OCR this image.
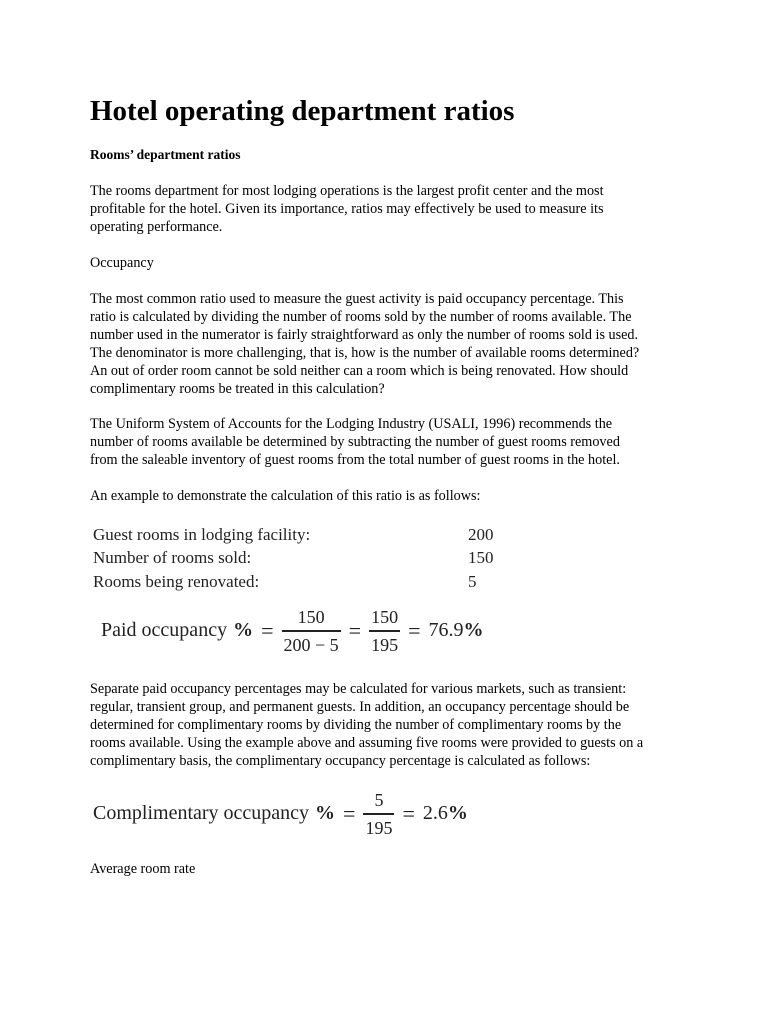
Hotel operating department ratios
Rooms’ department ratios
The rooms department for most lodging operations is the largest profit center and the most
profitable for the hotel. Given its importance, ratios may effectively be used to measure its
operating performance.
Occupancy
The most common ratio used to measure the guest activity is paid occupancy percentage. This
ratio is calculated by dividing the number of rooms sold by the number of rooms available. The
number used in the numerator is fairly straightforward as only the number of rooms sold is used.
The denominator is more challenging, that is, how is the number of available rooms determined?
An out of order room cannot be sold neither can a room which is being renovated. How should
complimentary rooms be treated in this calculation?
The Uniform System of Accounts for the Lodging Industry (USALI, 1996) recommends the
number of rooms available be determined by subtracting the number of guest rooms removed
from the saleable inventory of guest rooms from the total number of guest rooms in the hotel.
An example to demonstrate the calculation of this ratio is as follows:
Guest rooms in lodging facility:	200
Number of rooms sold:	150
Rooms being renovated:	5
Paid occupancy % = $\frac{150}{200 - 5} = \frac{150}{195} = 76.9\%$
Separate paid occupancy percentages may be calculated for various markets, such as transient:
regular, transient group, and permanent guests. In addition, an occupancy percentage should be
determined for complimentary rooms by dividing the number of complimentary rooms by the
rooms available. Using the example above and assuming five rooms were provided to guests on a
complimentary basis, the complimentary occupancy percentage is calculated as follows:
Complimentary occupancy % = $\frac{5}{195} = 2.6\%$
Average room rate
